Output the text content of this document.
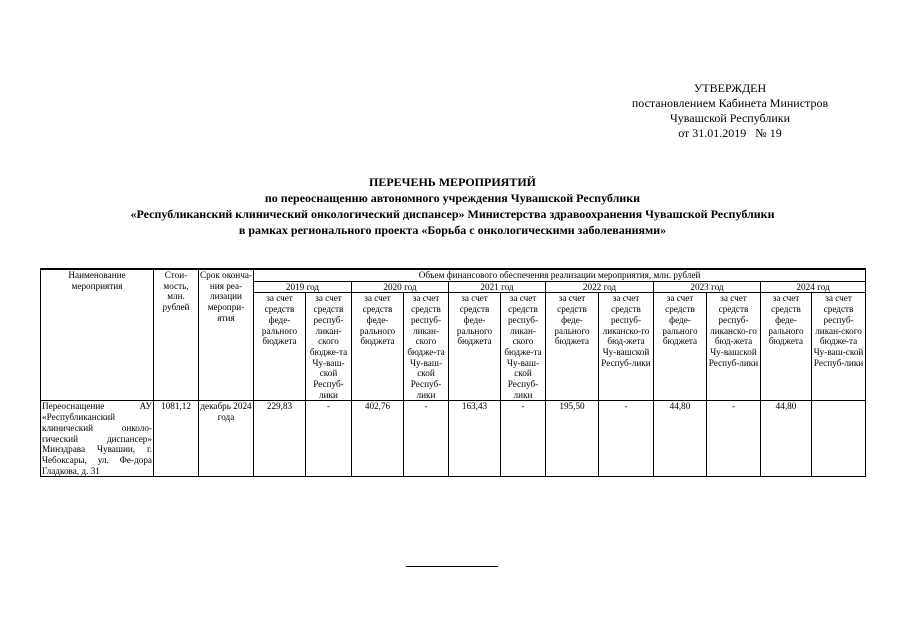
УТВЕРЖДЕН
постановлением Кабинета Министров
Чувашской Республики
от 31.01.2019   № 19
ПЕРЕЧЕНЬ МЕРОПРИЯТИЙ
по переоснащению автономного учреждения Чувашской Республики
«Республиканский клинический онкологический диспансер» Министерства здравоохранения Чувашской Республики
в рамках регионального проекта «Борьба с онкологическими заболеваниями»
Наименование мероприятия	Стои-мость, млн. рублей	Срок оконча-ния реа-лизации меропри-ятия	Объем финансового обеспечения реализации мероприятия, млн. рублей											
			2019 год		2020 год		2021 год		2022 год		2023 год		2024 год	
			за счет средств феде-рального бюджета	за счет средств респуб-ликан-ского бюдже-та Чу-ваш-ской Респуб-лики	за счет средств феде-рального бюджета	за счет средств респуб-ликан-ского бюдже-та Чу-ваш-ской Респуб-лики	за счет средств феде-рального бюджета	за счет средств респуб-ликан-ского бюдже-та Чу-ваш-ской Респуб-лики	за счет средств феде-рального бюджета	за счет средств респуб-ликанско-го бюд-жета Чу-вашской Респуб-лики	за счет средств феде-рального бюджета	за счет средств респуб-ликанско-го бюд-жета Чу-вашской Респуб-лики	за счет средств феде-рального бюджета	за счет средств респуб-ликан-ского бюдже-та Чу-ваш-ской Респуб-лики
Переоснащение АУ «Республиканский клинический онколо-гический диспансер» Минздрава Чувашии, г. Чебоксары, ул. Фе-дора Гладкова, д. 31	1081,12	декабрь 2024 года	229,83	-	402,76	-	163,43	-	195,50	-	44,80	-	44,80	
